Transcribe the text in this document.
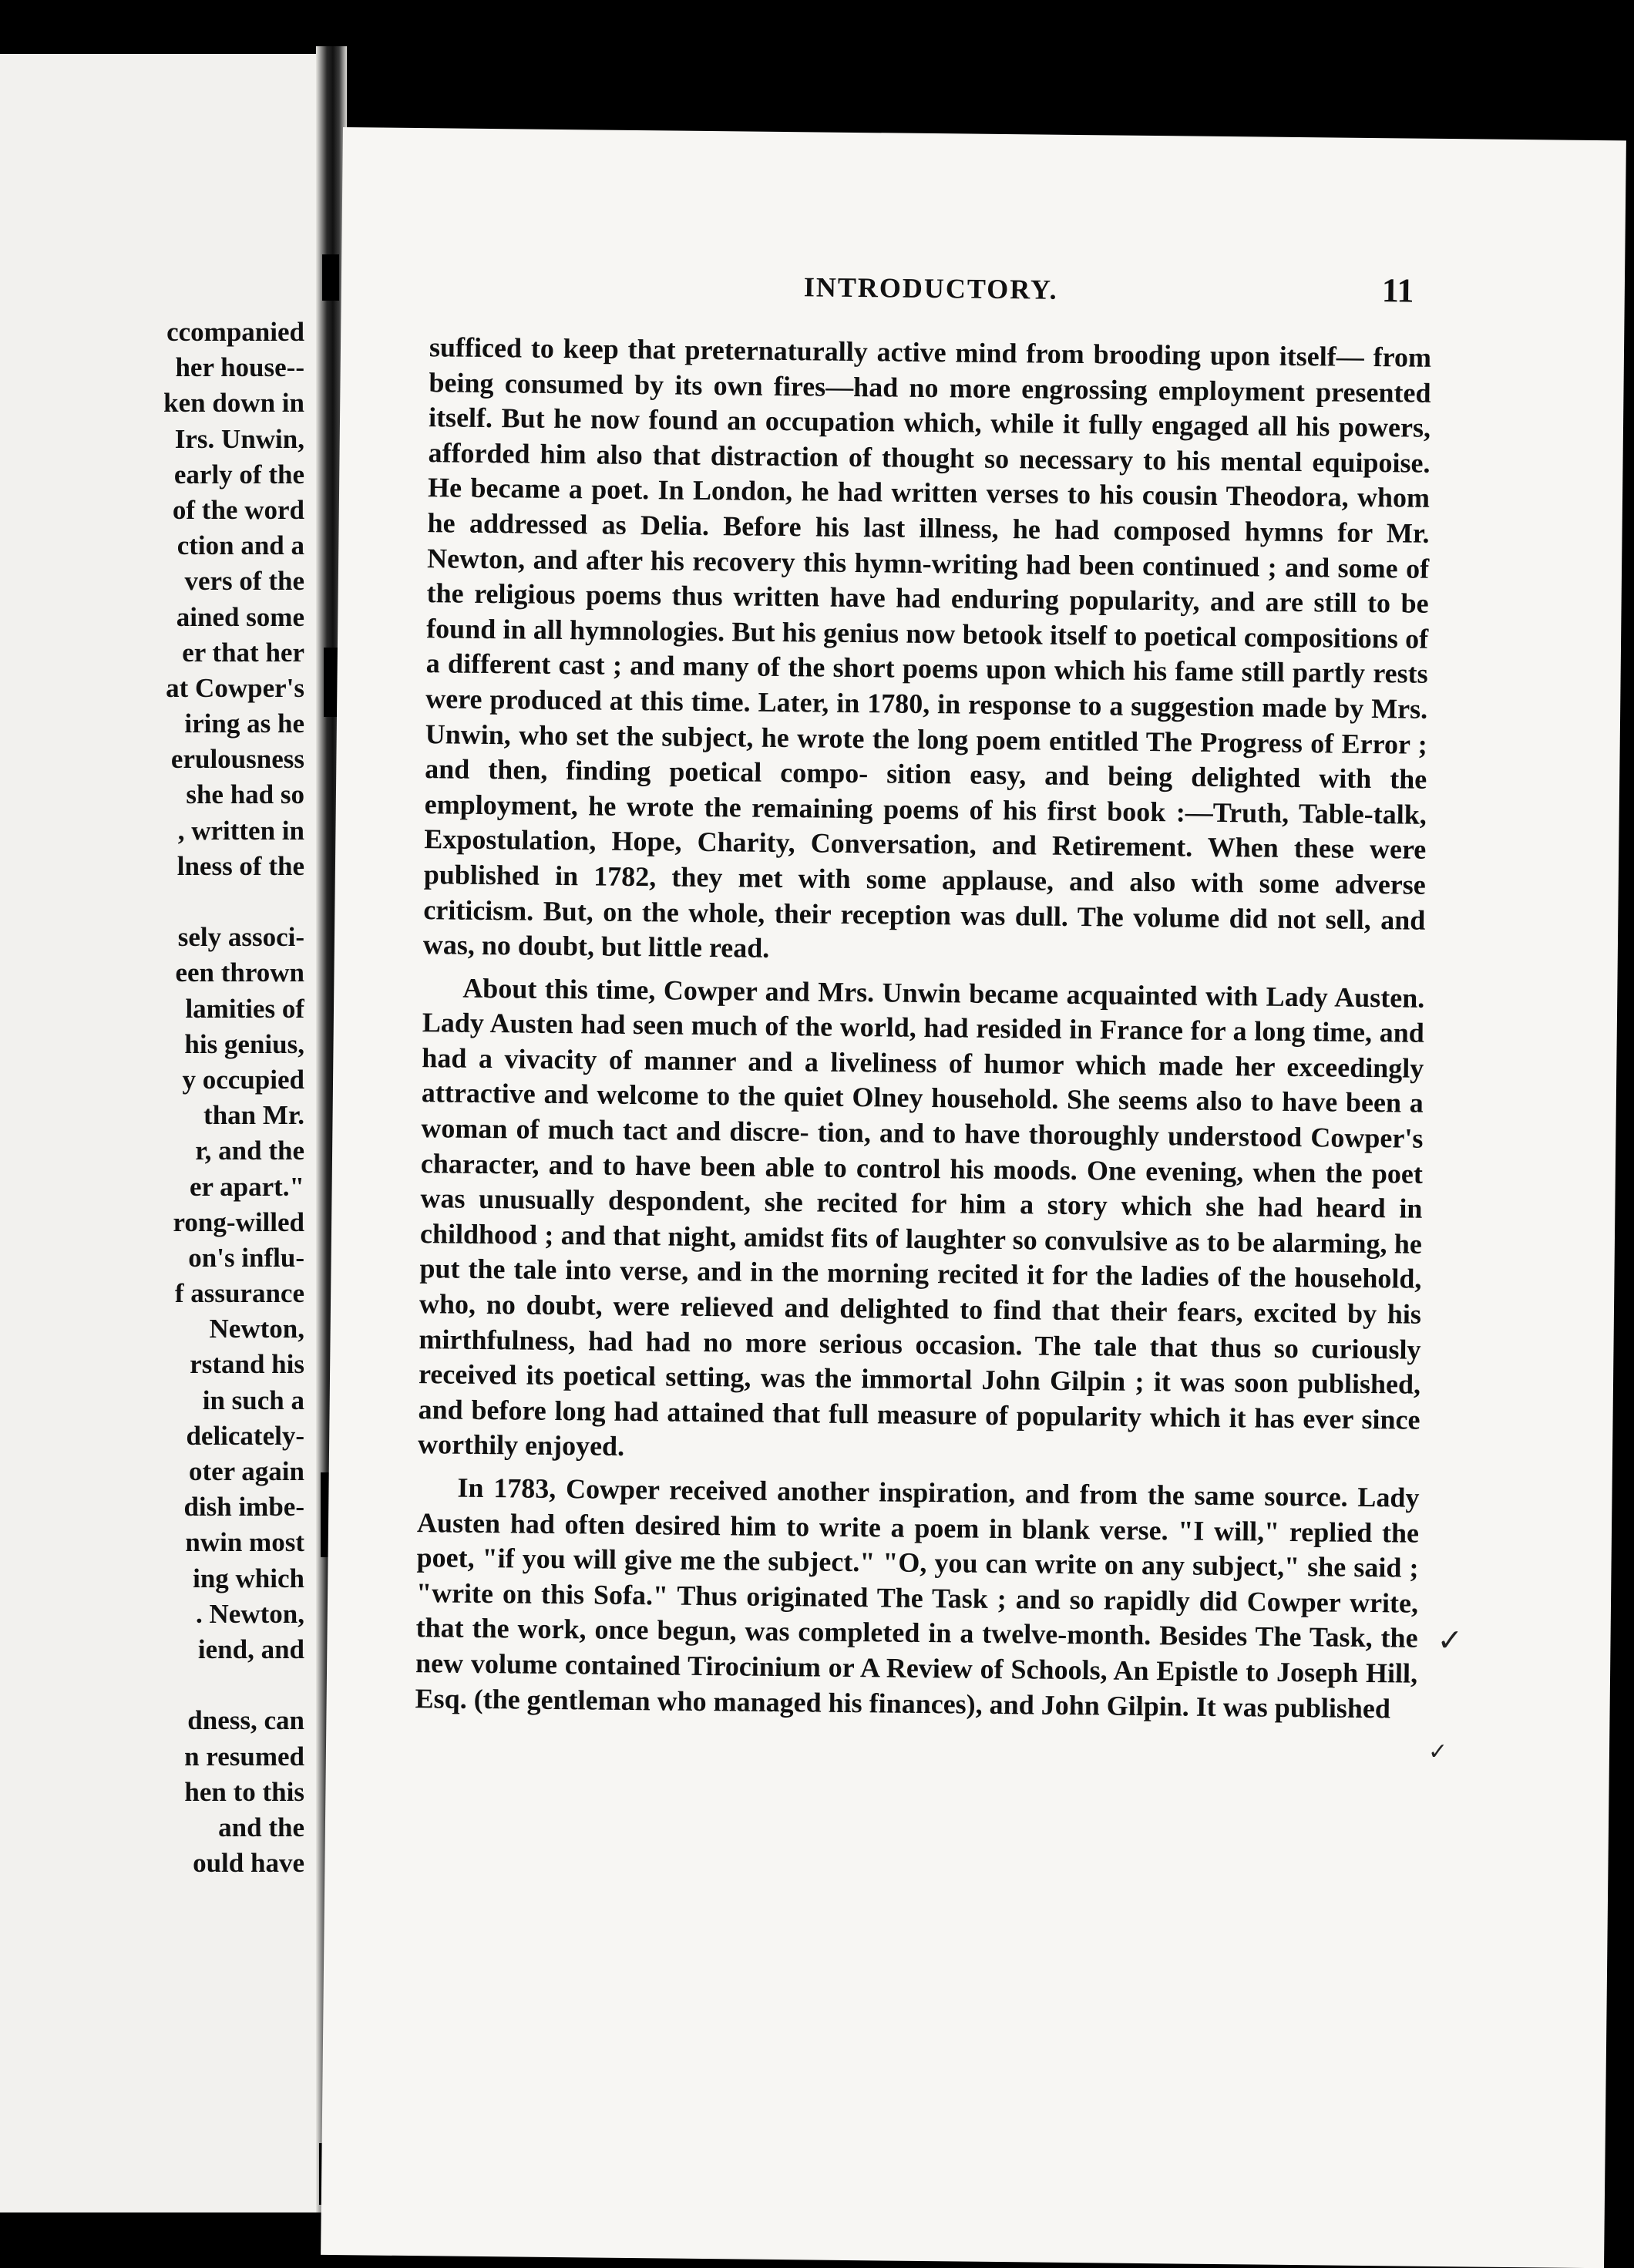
ccompanied
her house--
ken down in
Irs. Unwin,
early of the
of the word
ction and a
vers of the
ained some
er that her
at Cowper's
iring as he
erulousness
she had so
, written in
lness of the
sely associ-
een thrown
lamities of
his genius,
y occupied
than Mr.
r, and the
er apart."
rong-willed
on's influ-
f assurance
Newton,
rstand his
in such a
delicately-
oter again
dish imbe-
nwin most
ing which
. Newton,
iend, and
dness, can
n resumed
hen to this
and the
ould have
INTRODUCTORY.	11

sufficed to keep that preternaturally active mind from brooding upon itself— from being consumed by its own fires—had no more engrossing employment presented itself. But he now found an occupation which, while it fully engaged all his powers, afforded him also that distraction of thought so necessary to his mental equipoise. He became a poet. In London, he had written verses to his cousin Theodora, whom he addressed as Delia. Before his last illness, he had composed hymns for Mr. Newton, and after his recovery this hymn-writing had been continued ; and some of the religious poems thus written have had enduring popularity, and are still to be found in all hymnologies. But his genius now betook itself to poetical compositions of a different cast ; and many of the short poems upon which his fame still partly rests were produced at this time. Later, in 1780, in response to a suggestion made by Mrs. Unwin, who set the subject, he wrote the long poem entitled The Progress of Error ; and then, finding poetical compo- sition easy, and being delighted with the employment, he wrote the remaining poems of his first book :—Truth, Table-talk, Expostulation, Hope, Charity, Conversation, and Retirement. When these were published in 1782, they met with some applause, and also with some adverse criticism. But, on the whole, their reception was dull. The volume did not sell, and was, no doubt, but little read.

About this time, Cowper and Mrs. Unwin became acquainted with Lady Austen. Lady Austen had seen much of the world, had resided in France for a long time, and had a vivacity of manner and a liveliness of humor which made her exceedingly attractive and welcome to the quiet Olney household. She seems also to have been a woman of much tact and discre- tion, and to have thoroughly understood Cowper's character, and to have been able to control his moods. One evening, when the poet was unusually despondent, she recited for him a story which she had heard in childhood ; and that night, amidst fits of laughter so convulsive as to be alarming, he put the tale into verse, and in the morning recited it for the ladies of the household, who, no doubt, were relieved and delighted to find that their fears, excited by his mirthfulness, had had no more serious occasion. The tale that thus so curiously received its poetical setting, was the immortal John Gilpin ; it was soon published, and before long had attained that full measure of popularity which it has ever since worthily enjoyed.

In 1783, Cowper received another inspiration, and from the same source. Lady Austen had often desired him to write a poem in blank verse. "I will," replied the poet, "if you will give me the subject." "O, you can write on any subject," she said ; "write on this Sofa." Thus originated The Task ; and so rapidly did Cowper write, that the work, once begun, was completed in a twelve-month. Besides The Task, the new volume contained Tirocinium or A Review of Schools, An Epistle to Joseph Hill, Esq. (the gentleman who managed his finances), and John Gilpin. It was published

✓
✓
